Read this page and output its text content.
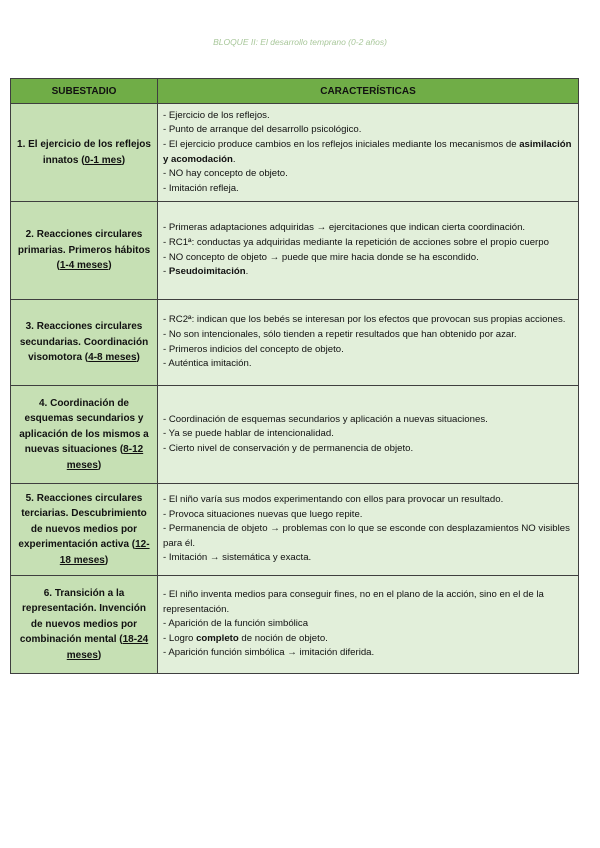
BLOQUE II: El desarrollo temprano (0-2 años)
SUBESTADIO	CARACTERÍSTICAS
1. El ejercicio de los reflejos innatos (0-1 mes)	- Ejercicio de los reflejos.
- Punto de arranque del desarrollo psicológico.
- El ejercicio produce cambios en los reflejos iniciales mediante los mecanismos de asimilación y acomodación.
- NO hay concepto de objeto.
- Imitación refleja.

2. Reacciones circulares primarias. Primeros hábitos (1-4 meses)	- Primeras adaptaciones adquiridas → ejercitaciones que indican cierta coordinación.
- RC1ª: conductas ya adquiridas mediante la repetición de acciones sobre el propio cuerpo
- NO concepto de objeto → puede que mire hacia donde se ha escondido.
- Pseudoimitación.

3. Reacciones circulares secundarias. Coordinación visomotora (4-8 meses)	- RC2ª: indican que los bebés se interesan por los efectos que provocan sus propias acciones.
- No son intencionales, sólo tienden a repetir resultados que han obtenido por azar.
- Primeros indicios del concepto de objeto.
- Auténtica imitación.

4. Coordinación de esquemas secundarios y aplicación de los mismos a nuevas situaciones (8-12 meses)	- Coordinación de esquemas secundarios y aplicación a nuevas situaciones.
- Ya se puede hablar de intencionalidad.
- Cierto nivel de conservación y de permanencia de objeto.

5. Reacciones circulares terciarias. Descubrimiento de nuevos medios por experimentación activa (12-18 meses)	- El niño varía sus modos experimentando con ellos para provocar un resultado.
- Provoca situaciones nuevas que luego repite.
- Permanencia de objeto → problemas con lo que se esconde con desplazamientos NO visibles para él.
- Imitación → sistemática y exacta.

6. Transición a la representación. Invención de nuevos medios por combinación mental (18-24 meses)	- El niño inventa medios para conseguir fines, no en el plano de la acción, sino en el de la representación.
- Aparición de la función simbólica
- Logro completo de noción de objeto.
- Aparición función simbólica → imitación diferida.
